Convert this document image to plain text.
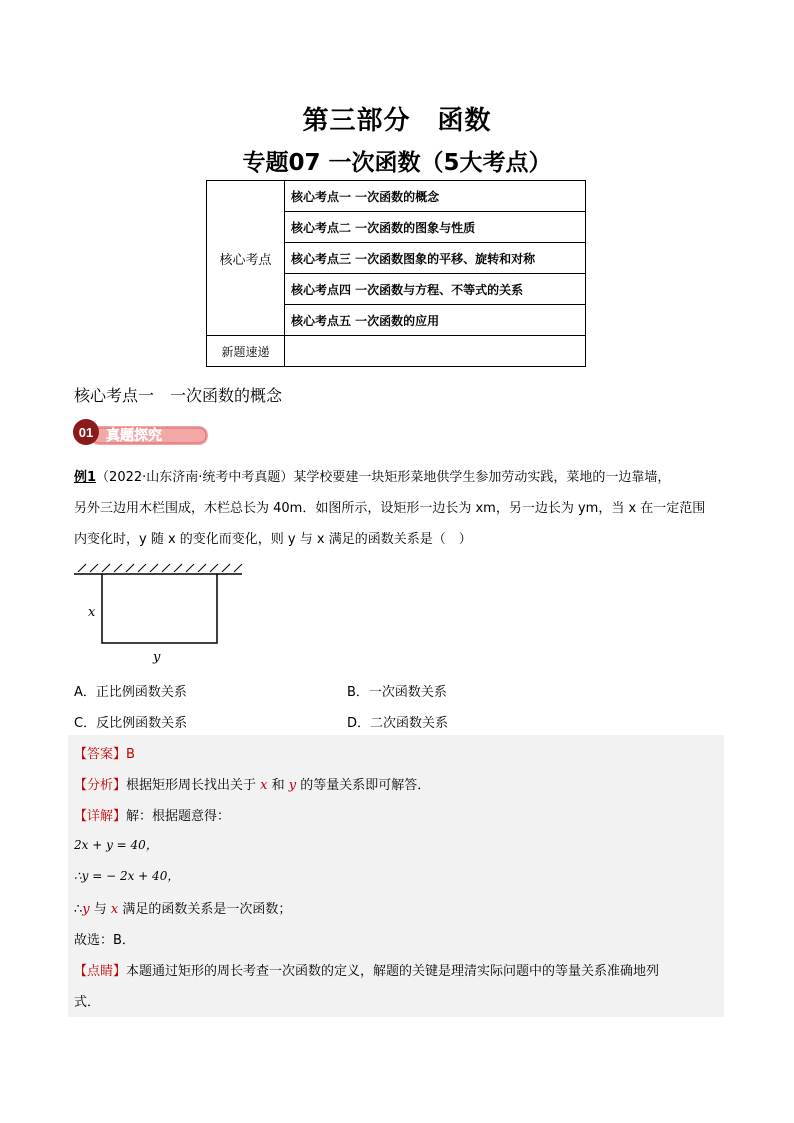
第三部分　函数
专题07 一次函数（5大考点）
核心考点	核心考点一 一次函数的概念
	核心考点二 一次函数的图象与性质
	核心考点三 一次函数图象的平移、旋转和对称
	核心考点四 一次函数与方程、不等式的关系
	核心考点五 一次函数的应用
新题速递	
核心考点一　一次函数的概念
01 真题探究
例1（2022·山东济南·统考中考真题）某学校要建一块矩形菜地供学生参加劳动实践，菜地的一边靠墙，
另外三边用木栏围成，木栏总长为 40m．如图所示，设矩形一边长为 xm，另一边长为 ym，当 x 在一定范围
内变化时，y 随 x 的变化而变化，则 y 与 x 满足的函数关系是（　）
x
y
A．正比例函数关系	B．一次函数关系
C．反比例函数关系	D．二次函数关系
【答案】B
【分析】根据矩形周长找出关于 x 和 y 的等量关系即可解答．
【详解】解：根据题意得：
2x + y = 40，
∴y = − 2x + 40，
∴y 与 x 满足的函数关系是一次函数；
故选：B．
【点睛】本题通过矩形的周长考查一次函数的定义，解题的关键是理清实际问题中的等量关系准确地列
式．
